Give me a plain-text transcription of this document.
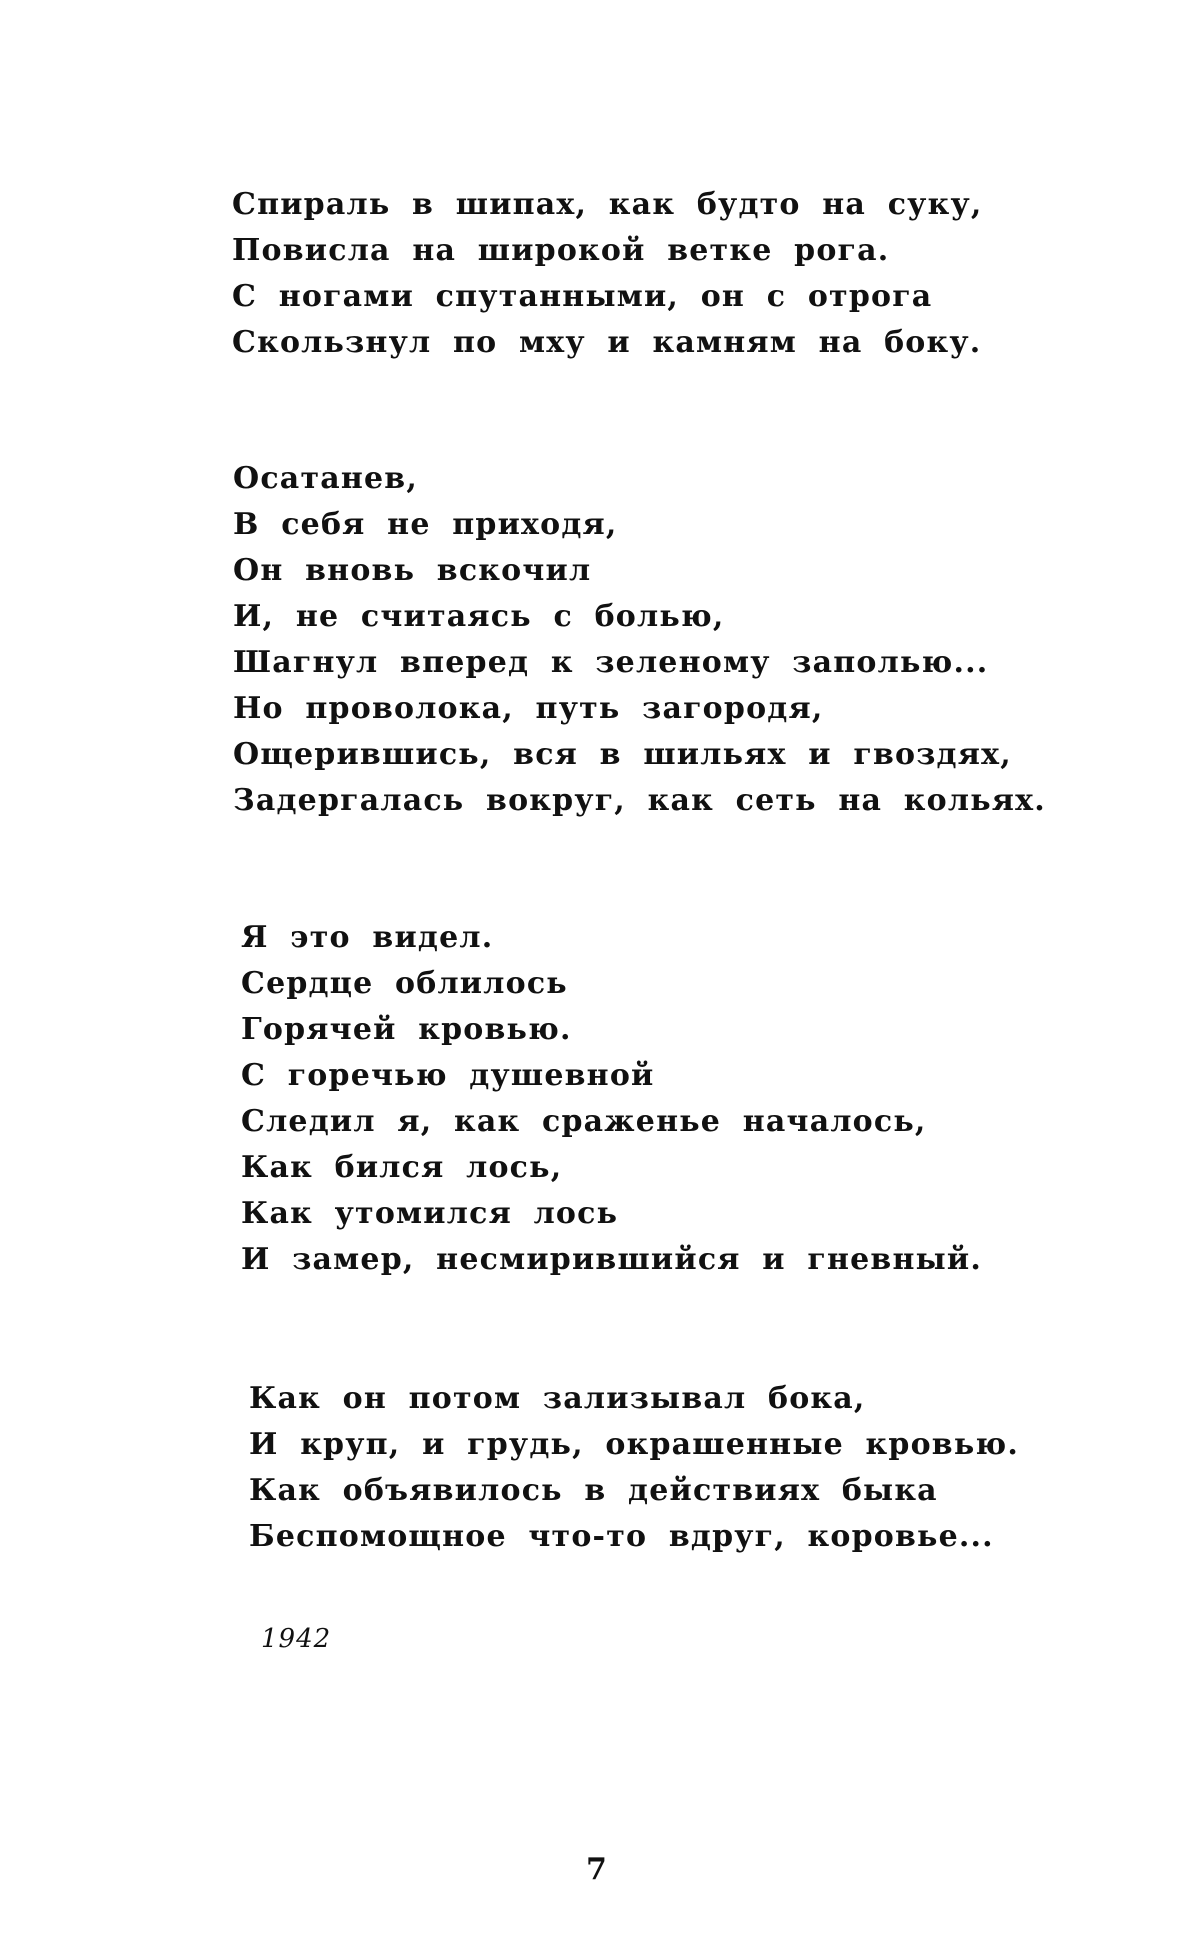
Спираль в шипах, как будто на суку,
Повисла на широкой ветке рога.
С ногами спутанными, он с отрога
Скользнул по мху и камням на боку.
Осатанев,
В себя не приходя,
Он вновь вскочил
И, не считаясь с болью,
Шагнул вперед к зеленому заполью...
Но проволока, путь загородя,
Ощерившись, вся в шильях и гвоздях,
Задергалась вокруг, как сеть на кольях.
Я это видел.
Сердце облилось
Горячей кровью.
С горечью душевной
Следил я, как сраженье началось,
Как бился лось,
Как утомился лось
И замер, несмирившийся и гневный.
Как он потом зализывал бока,
И круп, и грудь, окрашенные кровью.
Как объявилось в действиях быка
Беспомощное что-то вдруг, коровье...
1942
7
